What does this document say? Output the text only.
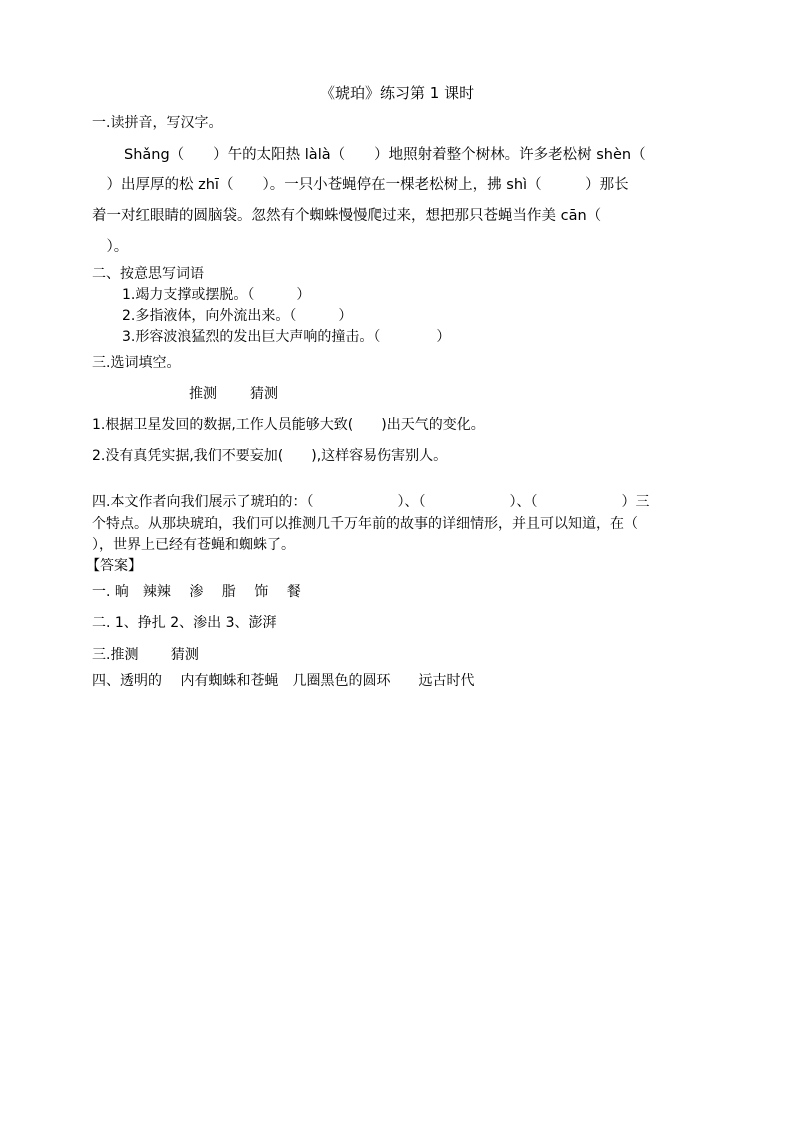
《琥珀》练习第 1 课时
一.读拼音，写汉字。
Shǎng（　　）午的太阳热 làlà（　　）地照射着整个树林。许多老松树 shèn（
　）出厚厚的松 zhī（　　）。一只小苍蝇停在一棵老松树上，拂 shì（　　　）那长
着一对红眼睛的圆脑袋。忽然有个蜘蛛慢慢爬过来，想把那只苍蝇当作美 cān（
　）。
二、按意思写词语
1.竭力支撑或摆脱。（　　　）
2.多指液体，向外流出来。（　　　）
3.形容波浪猛烈的发出巨大声响的撞击。（　　　　）
三.选词填空。
推测 猜测
1.根据卫星发回的数据,工作人员能够大致(　　)出天气的变化。
2.没有真凭实据,我们不要妄加(　　),这样容易伤害别人。
四.本文作者向我们展示了琥珀的：（　　　　　　）、（　　　　　　）、（　　　　　　）三
个特点。从那块琥珀，我们可以推测几千万年前的故事的详细情形，并且可以知道，在（
），世界上已经有苍蝇和蜘蛛了。
【答案】
一. 晌　辣辣　 渗　 脂　 饰　 餐
二. 1、挣扎 2、渗出 3、澎湃
三.推测　　 猜测
四、透明的　 内有蜘蛛和苍蝇　几圈黑色的圆环　　远古时代
